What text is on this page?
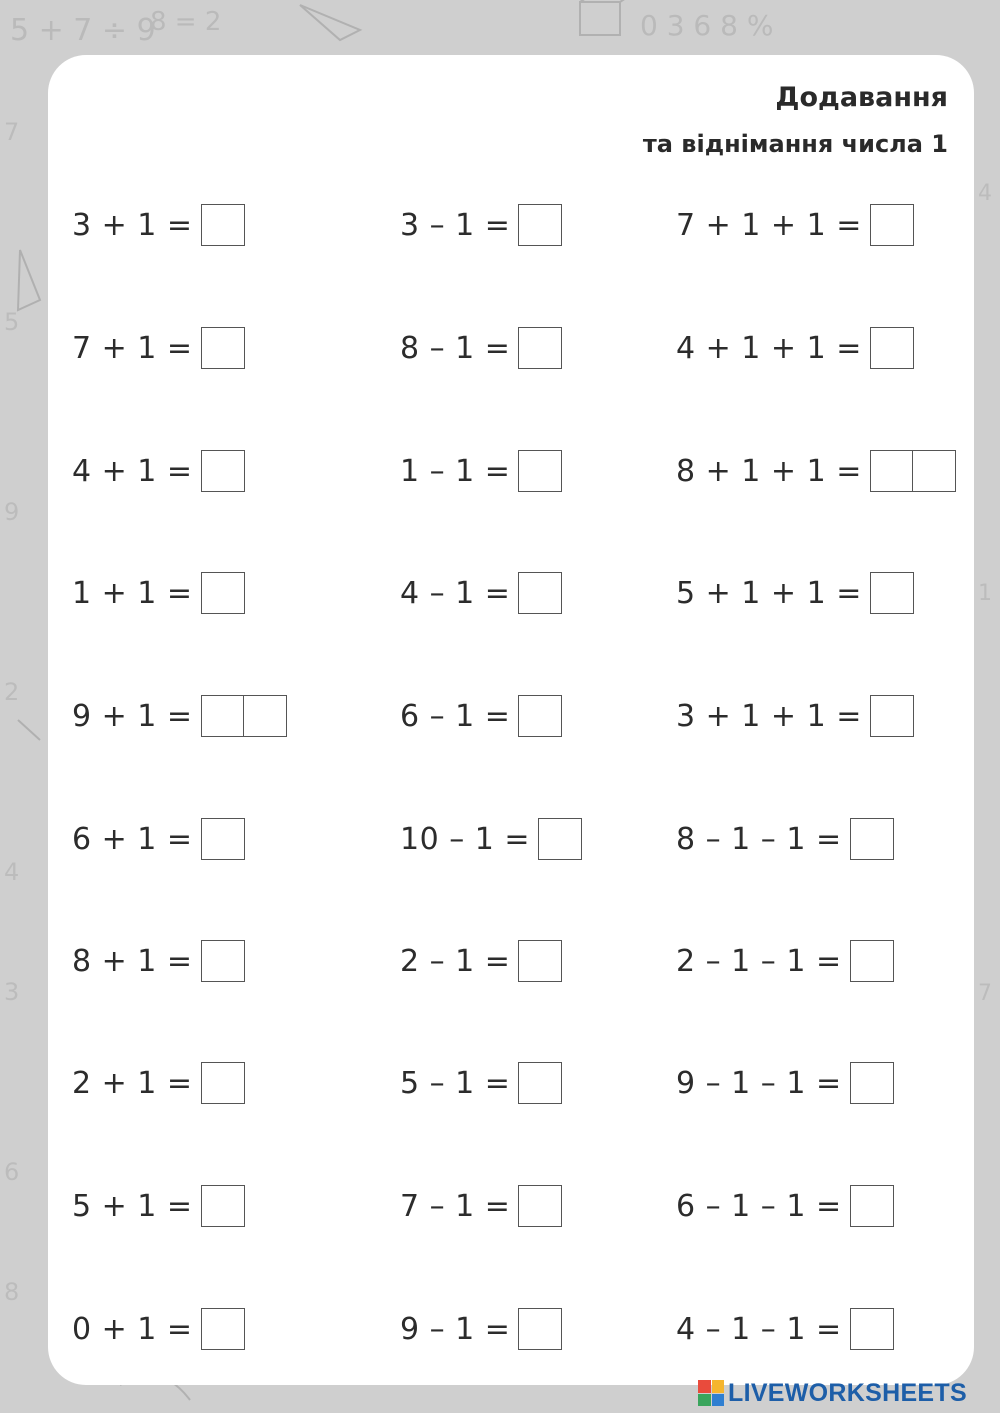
5 + 7 ÷ 9
8 = 2	0 3 6 8 %
7
5
9
2
4
3
6
8
4
1
7
Додавання
та віднімання числа 1
3 + 1 =	3 – 1 =	7 + 1 + 1 =
7 + 1 =	8 – 1 =	4 + 1 + 1 =
4 + 1 =	1 – 1 =	8 + 1 + 1 =
1 + 1 =	4 – 1 =	5 + 1 + 1 =
9 + 1 =	6 – 1 =	3 + 1 + 1 =
6 + 1 =	10 – 1 =	8 – 1 – 1 =
8 + 1 =	2 – 1 =	2 – 1 – 1 =
2 + 1 =	5 – 1 =	9 – 1 – 1 =
5 + 1 =	7 – 1 =	6 – 1 – 1 =
0 + 1 =	9 – 1 =	4 – 1 – 1 =
LIVEWORKSHEETS
